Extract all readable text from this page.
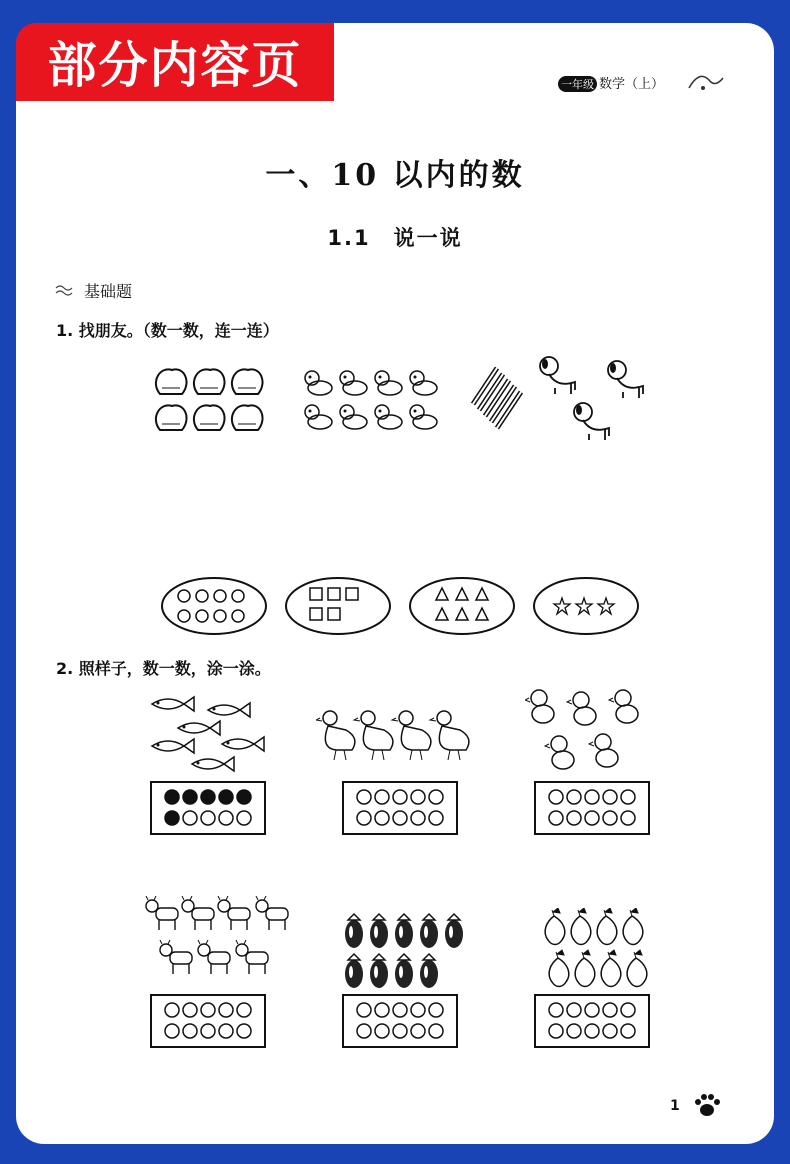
部分内容页	一年级 数学（上）
一、10 以内的数
1.1　说一说
基础题
1. 找朋友。（数一数，连一连）
2. 照样子，数一数，涂一涂。
1
